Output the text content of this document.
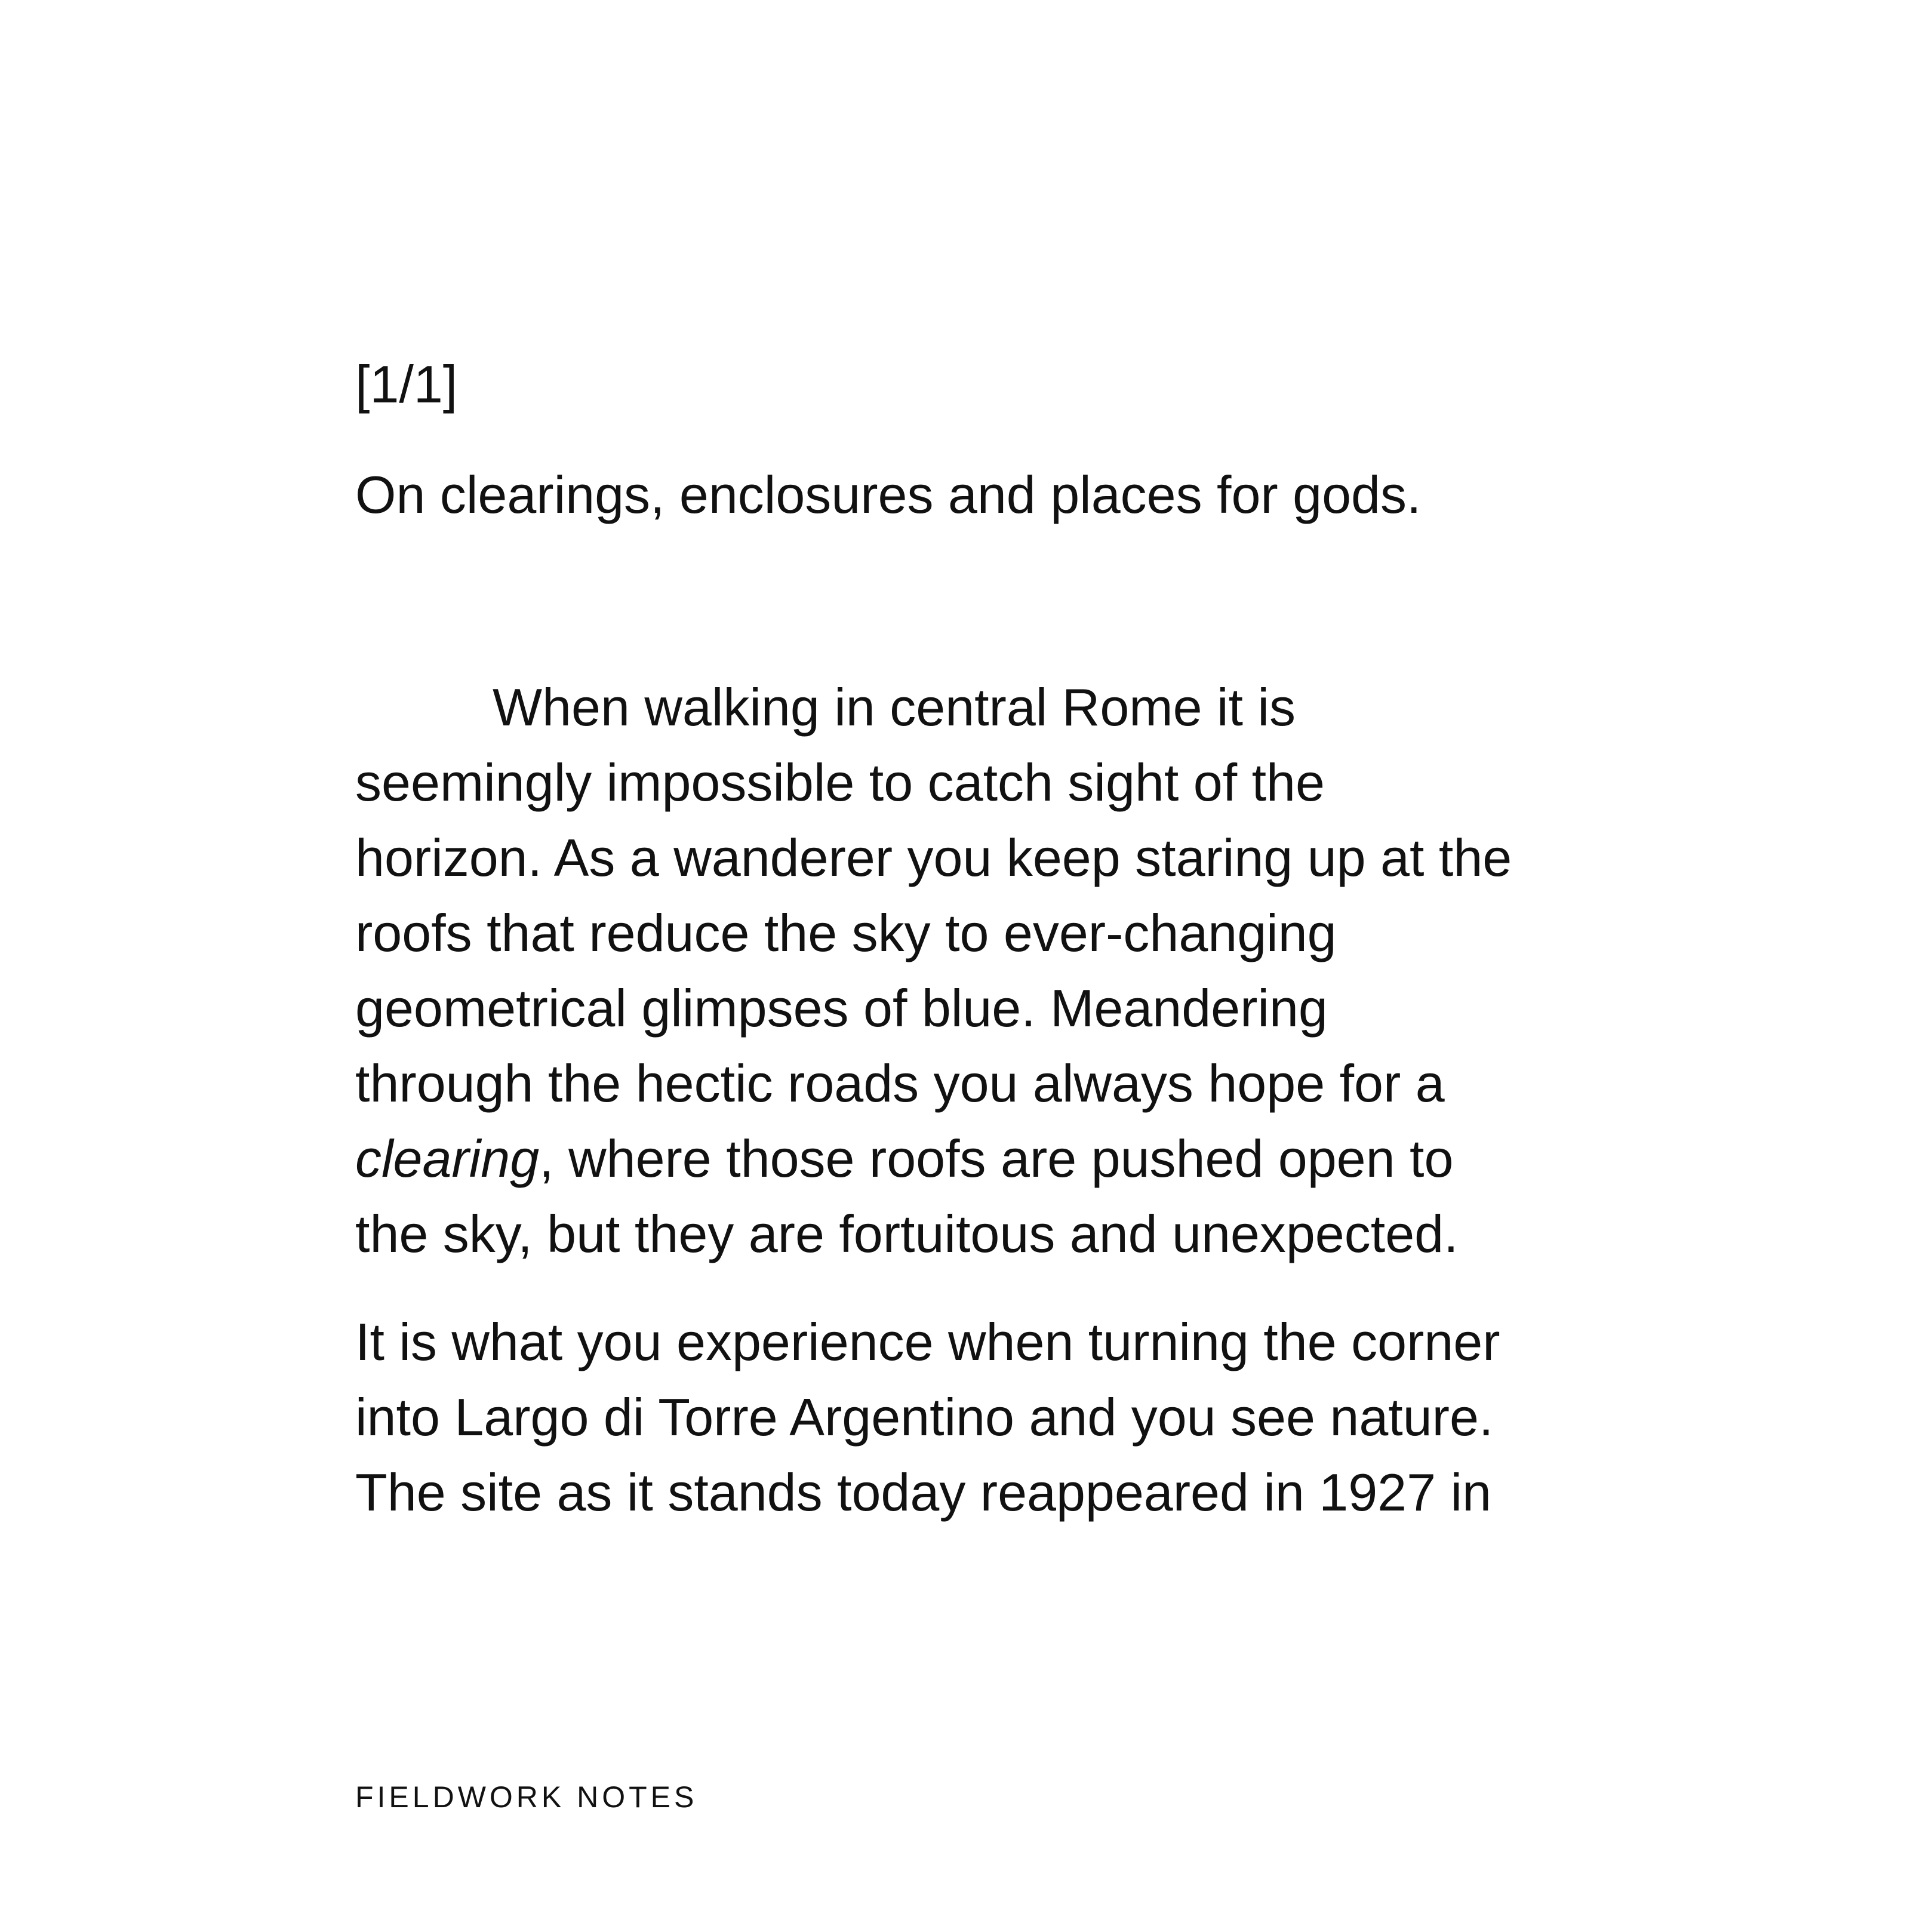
[1/1]

On clearings, enclosures and places for gods.

When walking in central Rome it is
seemingly impossible to catch sight of the
horizon. As a wanderer you keep staring up at the
roofs that reduce the sky to ever-changing
geometrical glimpses of blue. Meandering
through the hectic roads you always hope for a
clearing, where those roofs are pushed open to
the sky, but they are fortuitous and unexpected.

It is what you experience when turning the corner
into Largo di Torre Argentino and you see nature.
The site as it stands today reappeared in 1927 in

FIELDWORK NOTES
